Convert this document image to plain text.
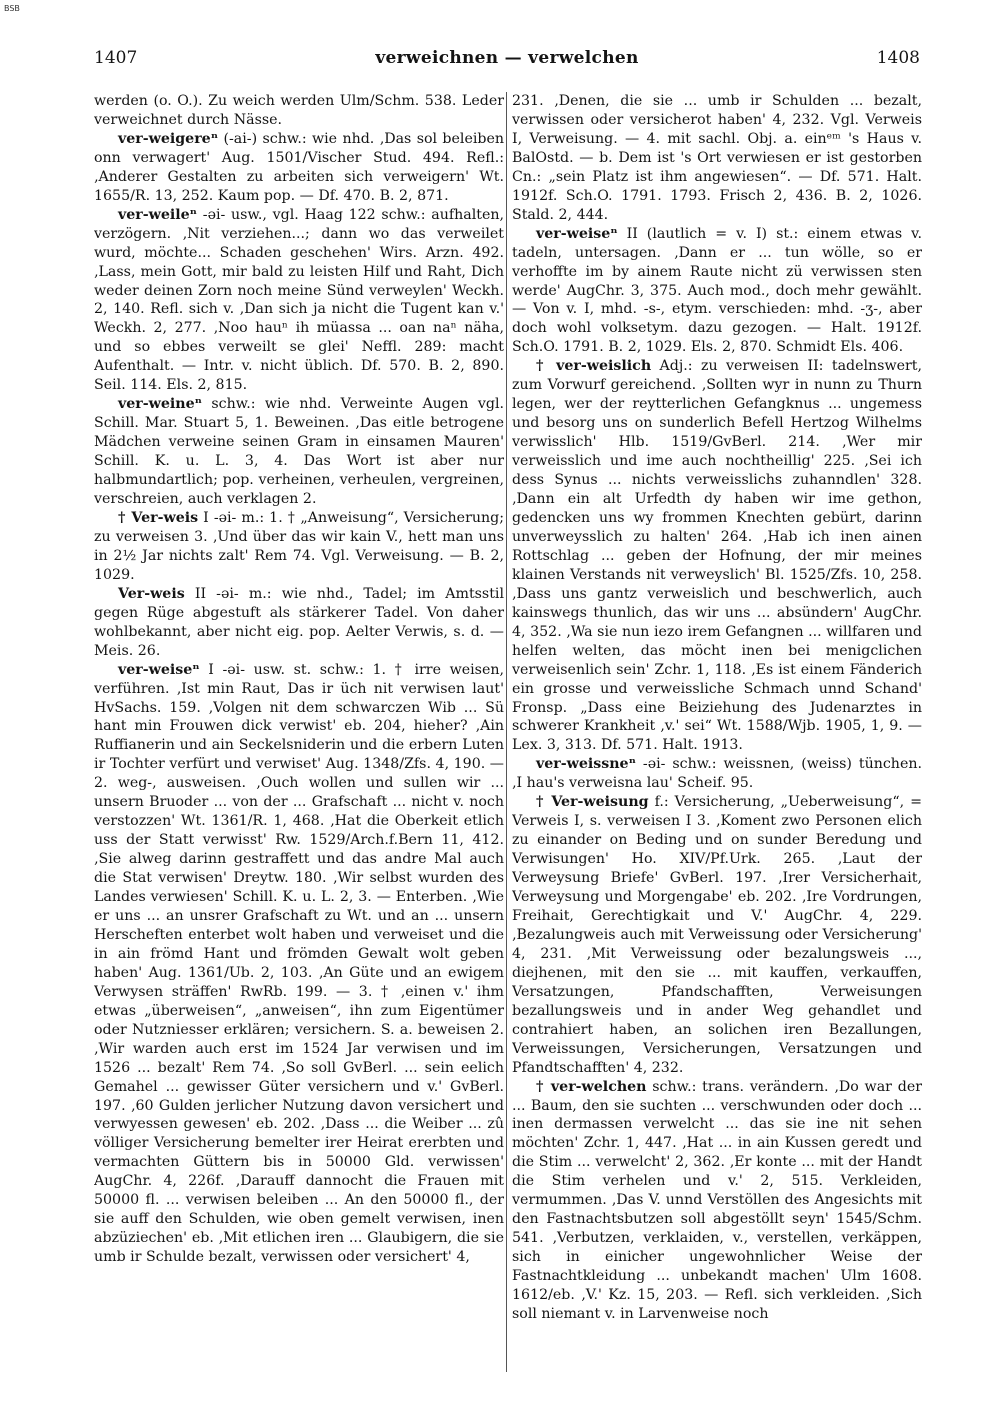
BSB
1407	verweichnen — verwelchen	1408

werden (o. O.). Zu weich werden Ulm/Schm. 538. Leder verweichnet durch Nässe.

ver-weigereⁿ (-ai-) schw.: wie nhd. ‚Das sol beleiben onn verwagert' Aug. 1501/Vischer Stud. 494. Refl.: ‚Anderer Gestalten zu arbeiten sich verweigern' Wt. 1655/R. 13, 252. Kaum pop. — Df. 470. B. 2, 871.

ver-weileⁿ -əi- usw., vgl. Haag 122 schw.: aufhalten, verzögern. ‚Nit verziehen...; dann wo das verweilet wurd, möchte... Schaden geschehen' Wirs. Arzn. 492. ‚Lass, mein Gott, mir bald zu leisten Hilf und Raht, Dich weder deinen Zorn noch meine Sünd verweylen' Weckh. 2, 140. Refl. sich v. ‚Dan sich ja nicht die Tugent kan v.' Weckh. 2, 277. ‚Noo hauⁿ ih müassa ... oan naⁿ näha, und so ebbes verweilt se glei' Neffl. 289: macht Aufenthalt. — Intr. v. nicht üblich. Df. 570. B. 2, 890. Seil. 114. Els. 2, 815.

ver-weineⁿ schw.: wie nhd. Verweinte Augen vgl. Schill. Mar. Stuart 5, 1. Beweinen. ‚Das eitle betrogene Mädchen verweine seinen Gram in einsamen Mauren' Schill. K. u. L. 3, 4. Das Wort ist aber nur halbmundartlich; pop. verheinen, verheulen, vergreinen, verschreien, auch verklagen 2.

† Ver-weis I -əi- m.: 1. † „Anweisung“, Versicherung; zu verweisen 3. ‚Und über das wir kain V., hett man uns in 2½ Jar nichts zalt' Rem 74. Vgl. Verweisung. — B. 2, 1029.

Ver-weis II -əi- m.: wie nhd., Tadel; im Amtsstil gegen Rüge abgestuft als stärkerer Tadel. Von daher wohlbekannt, aber nicht eig. pop. Aelter Verwis, s. d. — Meis. 26.

ver-weiseⁿ I -əi- usw. st. schw.: 1. † irre weisen, verführen. ‚Ist min Raut, Das ir üch nit verwisen laut' HvSachs. 159. ‚Volgen nit dem schwarczen Wib ... Sü hant min Frouwen dick verwist' eb. 204, hieher? ‚Ain Ruffianerin und ain Seckelsniderin und die erbern Luten ir Tochter verfürt und verwiset' Aug. 1348/Zfs. 4, 190. — 2. weg-, ausweisen. ‚Ouch wollen und sullen wir ... unsern Bruoder ... von der ... Grafschaft ... nicht v. noch verstozzen' Wt. 1361/R. 1, 468. ‚Hat die Oberkeit etlich uss der Statt verwisst' Rw. 1529/Arch.f.Bern 11, 412. ‚Sie alweg darinn gestraffett und das andre Mal auch die Stat verwisen' Dreytw. 180. ‚Wir selbst wurden des Landes verwiesen' Schill. K. u. L. 2, 3. — Enterben. ‚Wie er uns ... an unsrer Grafschaft zu Wt. und an ... unsern Herscheften enterbet wolt haben und verweiset und die in ain frömd Hant und frömden Gewalt wolt geben haben' Aug. 1361/Ub. 2, 103. ‚An Güte und an ewigem Verwysen sträffen' RwRb. 199. — 3. † ‚einen v.' ihm etwas „überweisen“, „anweisen“, ihn zum Eigentümer oder Nutzniesser erklären; versichern. S. a. beweisen 2. ‚Wir warden auch erst im 1524 Jar verwisen und im 1526 ... bezalt' Rem 74. ‚So soll GvBerl. ... sein eelich Gemahel ... gewisser Güter versichern und v.' GvBerl. 197. ‚60 Gulden jerlicher Nutzung davon versichert und verwyessen gewesen' eb. 202. ‚Dass ... die Weiber ... zû völliger Versicherung bemelter irer Heirat ererbten und vermachten Güttern bis in 50000 Gld. verwissen' AugChr. 4, 226f. ‚Darauff dannocht die Frauen mit 50000 fl. ... verwisen beleiben ... An den 50000 fl., der sie auff den Schulden, wie oben gemelt verwisen, inen abzüziechen' eb. ‚Mit etlichen iren ... Glaubigern, die sie umb ir Schulde bezalt, verwissen oder versichert' 4,

231. ‚Denen, die sie ... umb ir Schulden ... bezalt, verwissen oder versicherot haben' 4, 232. Vgl. Verweis I, Verweisung. — 4. mit sachl. Obj. a. einᵉᵐ 's Haus v. BalOstd. — b. Dem ist 's Ort verwiesen er ist gestorben Cn.: „sein Platz ist ihm angewiesen“. — Df. 571. Halt. 1912f. Sch.O. 1791. 1793. Frisch 2, 436. B. 2, 1026. Stald. 2, 444.

ver-weiseⁿ II (lautlich = v. I) st.: einem etwas v. tadeln, untersagen. ‚Dann er ... tun wölle, so er verhoffte im by ainem Raute nicht zü verwissen sten werde' AugChr. 3, 375. Auch mod., doch mehr gewählt. — Von v. I, mhd. -s-, etym. verschieden: mhd. -ʒ-, aber doch wohl volksetym. dazu gezogen. — Halt. 1912f. Sch.O. 1791. B. 2, 1029. Els. 2, 870. Schmidt Els. 406.

† ver-weislich Adj.: zu verweisen II: tadelnswert, zum Vorwurf gereichend. ‚Sollten wyr in nunn zu Thurn legen, wer der reytterlichen Gefangknus ... ungemess und besorg uns on sunderlich Befell Hertzog Wilhelms verwisslich' Hlb. 1519/GvBerl. 214. ‚Wer mir verweisslich und ime auch nochtheillig' 225. ‚Sei ich dess Synus ... nichts verweisslichs zuhanndlen' 328. ‚Dann ein alt Urfedth dy haben wir ime gethon, gedencken uns wy frommen Knechten gebürt, darinn unverweysslich zu halten' 264. ‚Hab ich inen ainen Rottschlag ... geben der Hofnung, der mir meines klainen Verstands nit verweyslich' Bl. 1525/Zfs. 10, 258. ‚Dass uns gantz verweislich und beschwerlich, auch kainswegs thunlich, das wir uns ... absündern' AugChr. 4, 352. ‚Wa sie nun iezo irem Gefangnen ... willfaren und helfen welten, das möcht inen bei menigclichen verweisenlich sein' Zchr. 1, 118. ‚Es ist einem Fänderich ein grosse und verweissliche Schmach unnd Schand' Fronsp. „Dass eine Beiziehung des Judenarztes in schwerer Krankheit ‚v.' sei“ Wt. 1588/Wjb. 1905, 1, 9. — Lex. 3, 313. Df. 571. Halt. 1913.

ver-weissneⁿ -əi- schw.: weissnen, (weiss) tünchen. ‚I hau's verweisna lau' Scheif. 95.

† Ver-weisung f.: Versicherung, „Ueberweisung“, = Verweis I, s. verweisen I 3. ‚Koment zwo Personen elich zu einander on Beding und on sunder Beredung und Verwisungen' Ho. XIV/Pf.Urk. 265. ‚Laut der Verweysung Briefe' GvBerl. 197. ‚Irer Versicherhait, Verweysung und Morgengabe' eb. 202. ‚Ire Vordrungen, Freihait, Gerechtigkait und V.' AugChr. 4, 229. ‚Bezalungweis auch mit Verweissung oder Versicherung' 4, 231. ‚Mit Verweissung oder bezalungsweis ..., diejhenen, mit den sie ... mit kauffen, verkauffen, Versatzungen, Pfandschafften, Verweisungen bezallungsweis und in ander Weg gehandlet und contrahiert haben, an solichen iren Bezallungen, Verweissungen, Versicherungen, Versatzungen und Pfandtschafften' 4, 232.

† ver-welchen schw.: trans. verändern. ‚Do war der ... Baum, den sie suchten ... verschwunden oder doch ... inen dermassen verwelcht ... das sie ine nit sehen möchten' Zchr. 1, 447. ‚Hat ... in ain Kussen geredt und die Stim ... verwelcht' 2, 362. ‚Er konte ... mit der Handt die Stim verhelen und v.' 2, 515. Verkleiden, vermummen. ‚Das V. unnd Verstöllen des Angesichts mit den Fastnachtsbutzen soll abgestöllt seyn' 1545/Schm. 541. ‚Verbutzen, verklaiden, v., verstellen, verkäppen, sich in einicher ungewohnlicher Weise der Fastnachtkleidung ... unbekandt machen' Ulm 1608. 1612/eb. ‚V.' Kz. 15, 203. — Refl. sich verkleiden. ‚Sich soll niemant v. in Larvenweise noch
